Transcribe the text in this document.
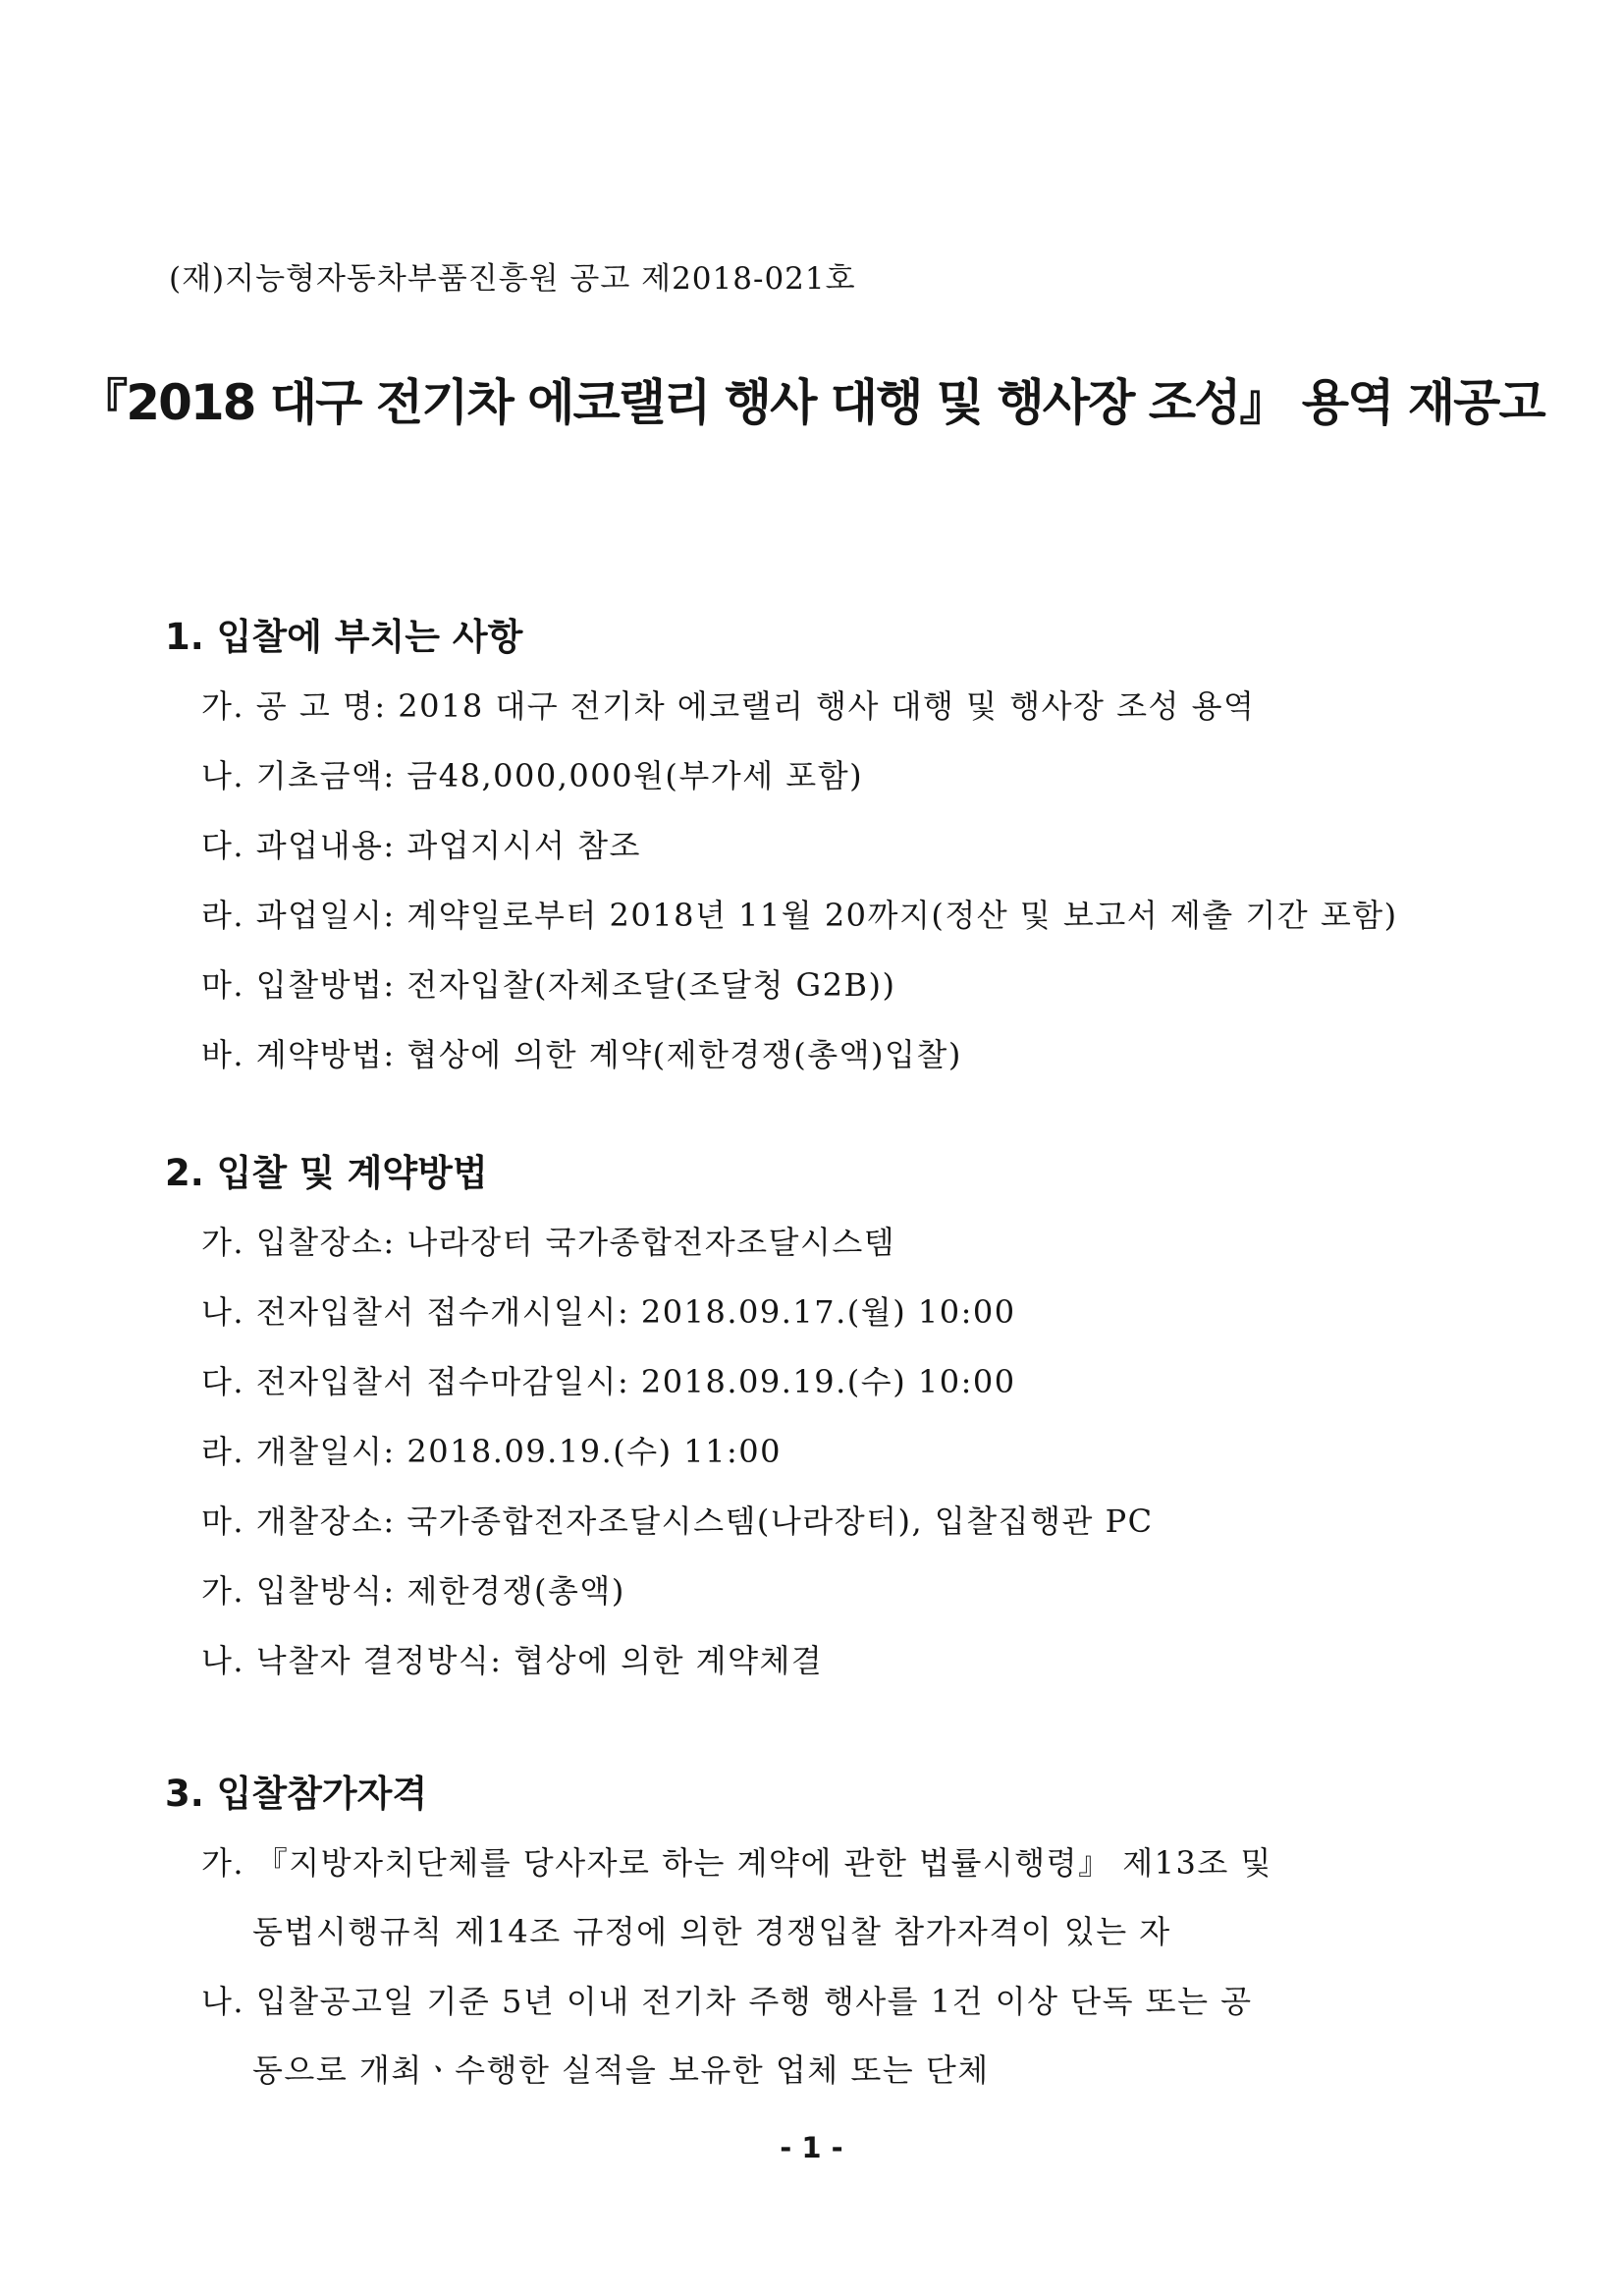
(재)지능형자동차부품진흥원 공고 제2018-021호
『2018 대구 전기차 에코랠리 행사 대행 및 행사장 조성』 용역 재공고
1. 입찰에 부치는 사항
가. 공 고 명: 2018 대구 전기차 에코랠리 행사 대행 및 행사장 조성 용역
나. 기초금액: 금48,000,000원(부가세 포함)
다. 과업내용: 과업지시서 참조
라. 과업일시: 계약일로부터 2018년 11월 20까지(정산 및 보고서 제출 기간 포함)
마. 입찰방법: 전자입찰(자체조달(조달청 G2B))
바. 계약방법: 협상에 의한 계약(제한경쟁(총액)입찰)
2. 입찰 및 계약방법
가. 입찰장소: 나라장터 국가종합전자조달시스템
나. 전자입찰서 접수개시일시: 2018.09.17.(월) 10:00
다. 전자입찰서 접수마감일시: 2018.09.19.(수) 10:00
라. 개찰일시: 2018.09.19.(수) 11:00
마. 개찰장소: 국가종합전자조달시스템(나라장터), 입찰집행관 PC
가. 입찰방식: 제한경쟁(총액)
나. 낙찰자 결정방식: 협상에 의한 계약체결
3. 입찰참가자격
가. 『지방자치단체를 당사자로 하는 계약에 관한 법률시행령』 제13조 및
동법시행규칙 제14조 규정에 의한 경쟁입찰 참가자격이 있는 자
나. 입찰공고일 기준 5년 이내 전기차 주행 행사를 1건 이상 단독 또는 공
동으로 개최ㆍ수행한 실적을 보유한 업체 또는 단체
- 1 -
